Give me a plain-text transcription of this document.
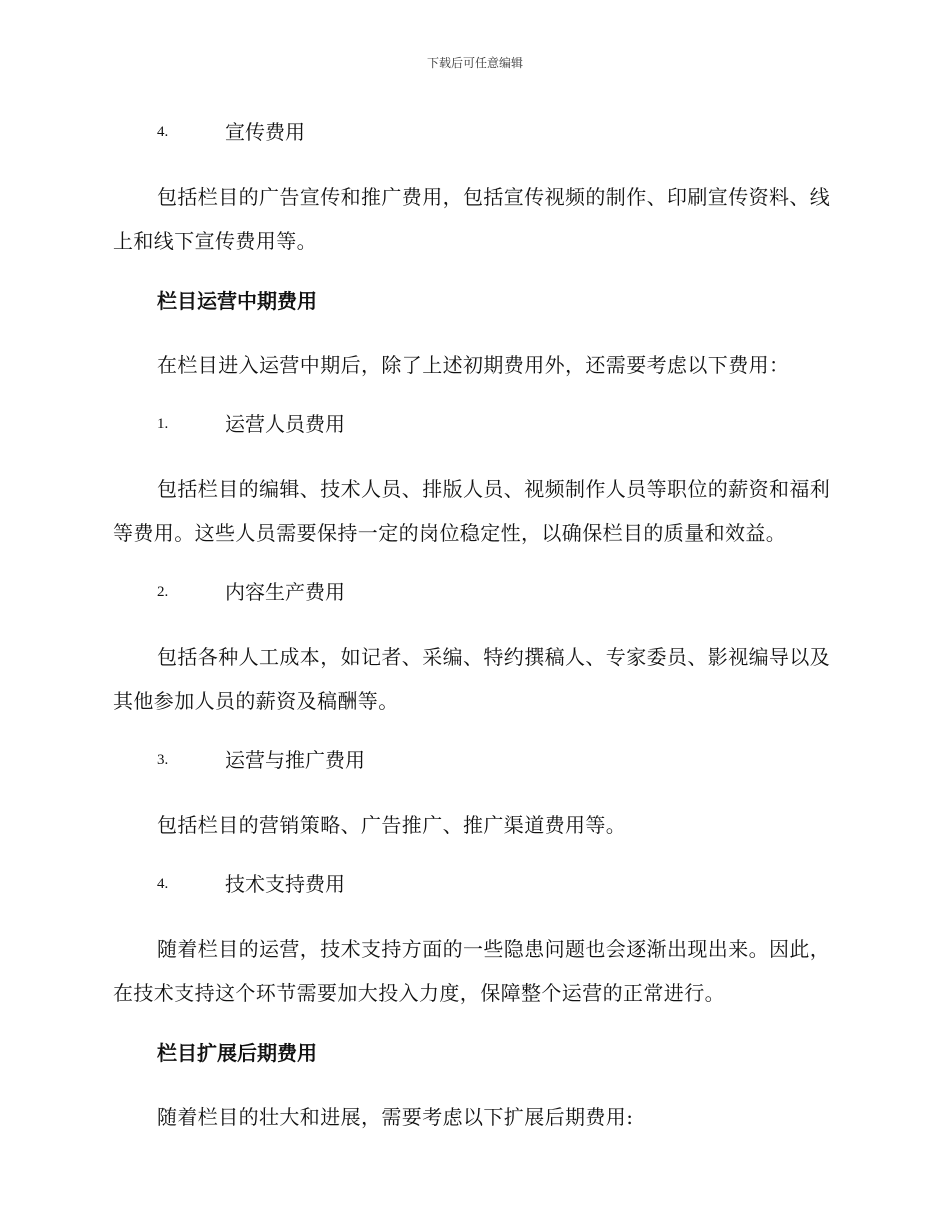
下载后可任意编辑
4.	宣传费用

包括栏目的广告宣传和推广费用，包括宣传视频的制作、印刷宣传资料、线上和线下宣传费用等。

栏目运营中期费用

在栏目进入运营中期后，除了上述初期费用外，还需要考虑以下费用：

1.	运营人员费用

包括栏目的编辑、技术人员、排版人员、视频制作人员等职位的薪资和福利等费用。这些人员需要保持一定的岗位稳定性，以确保栏目的质量和效益。

2.	内容生产费用

包括各种人工成本，如记者、采编、特约撰稿人、专家委员、影视编导以及其他参加人员的薪资及稿酬等。

3.	运营与推广费用

包括栏目的营销策略、广告推广、推广渠道费用等。

4.	技术支持费用

随着栏目的运营，技术支持方面的一些隐患问题也会逐渐出现出来。因此，在技术支持这个环节需要加大投入力度，保障整个运营的正常进行。

栏目扩展后期费用

随着栏目的壮大和进展，需要考虑以下扩展后期费用:
